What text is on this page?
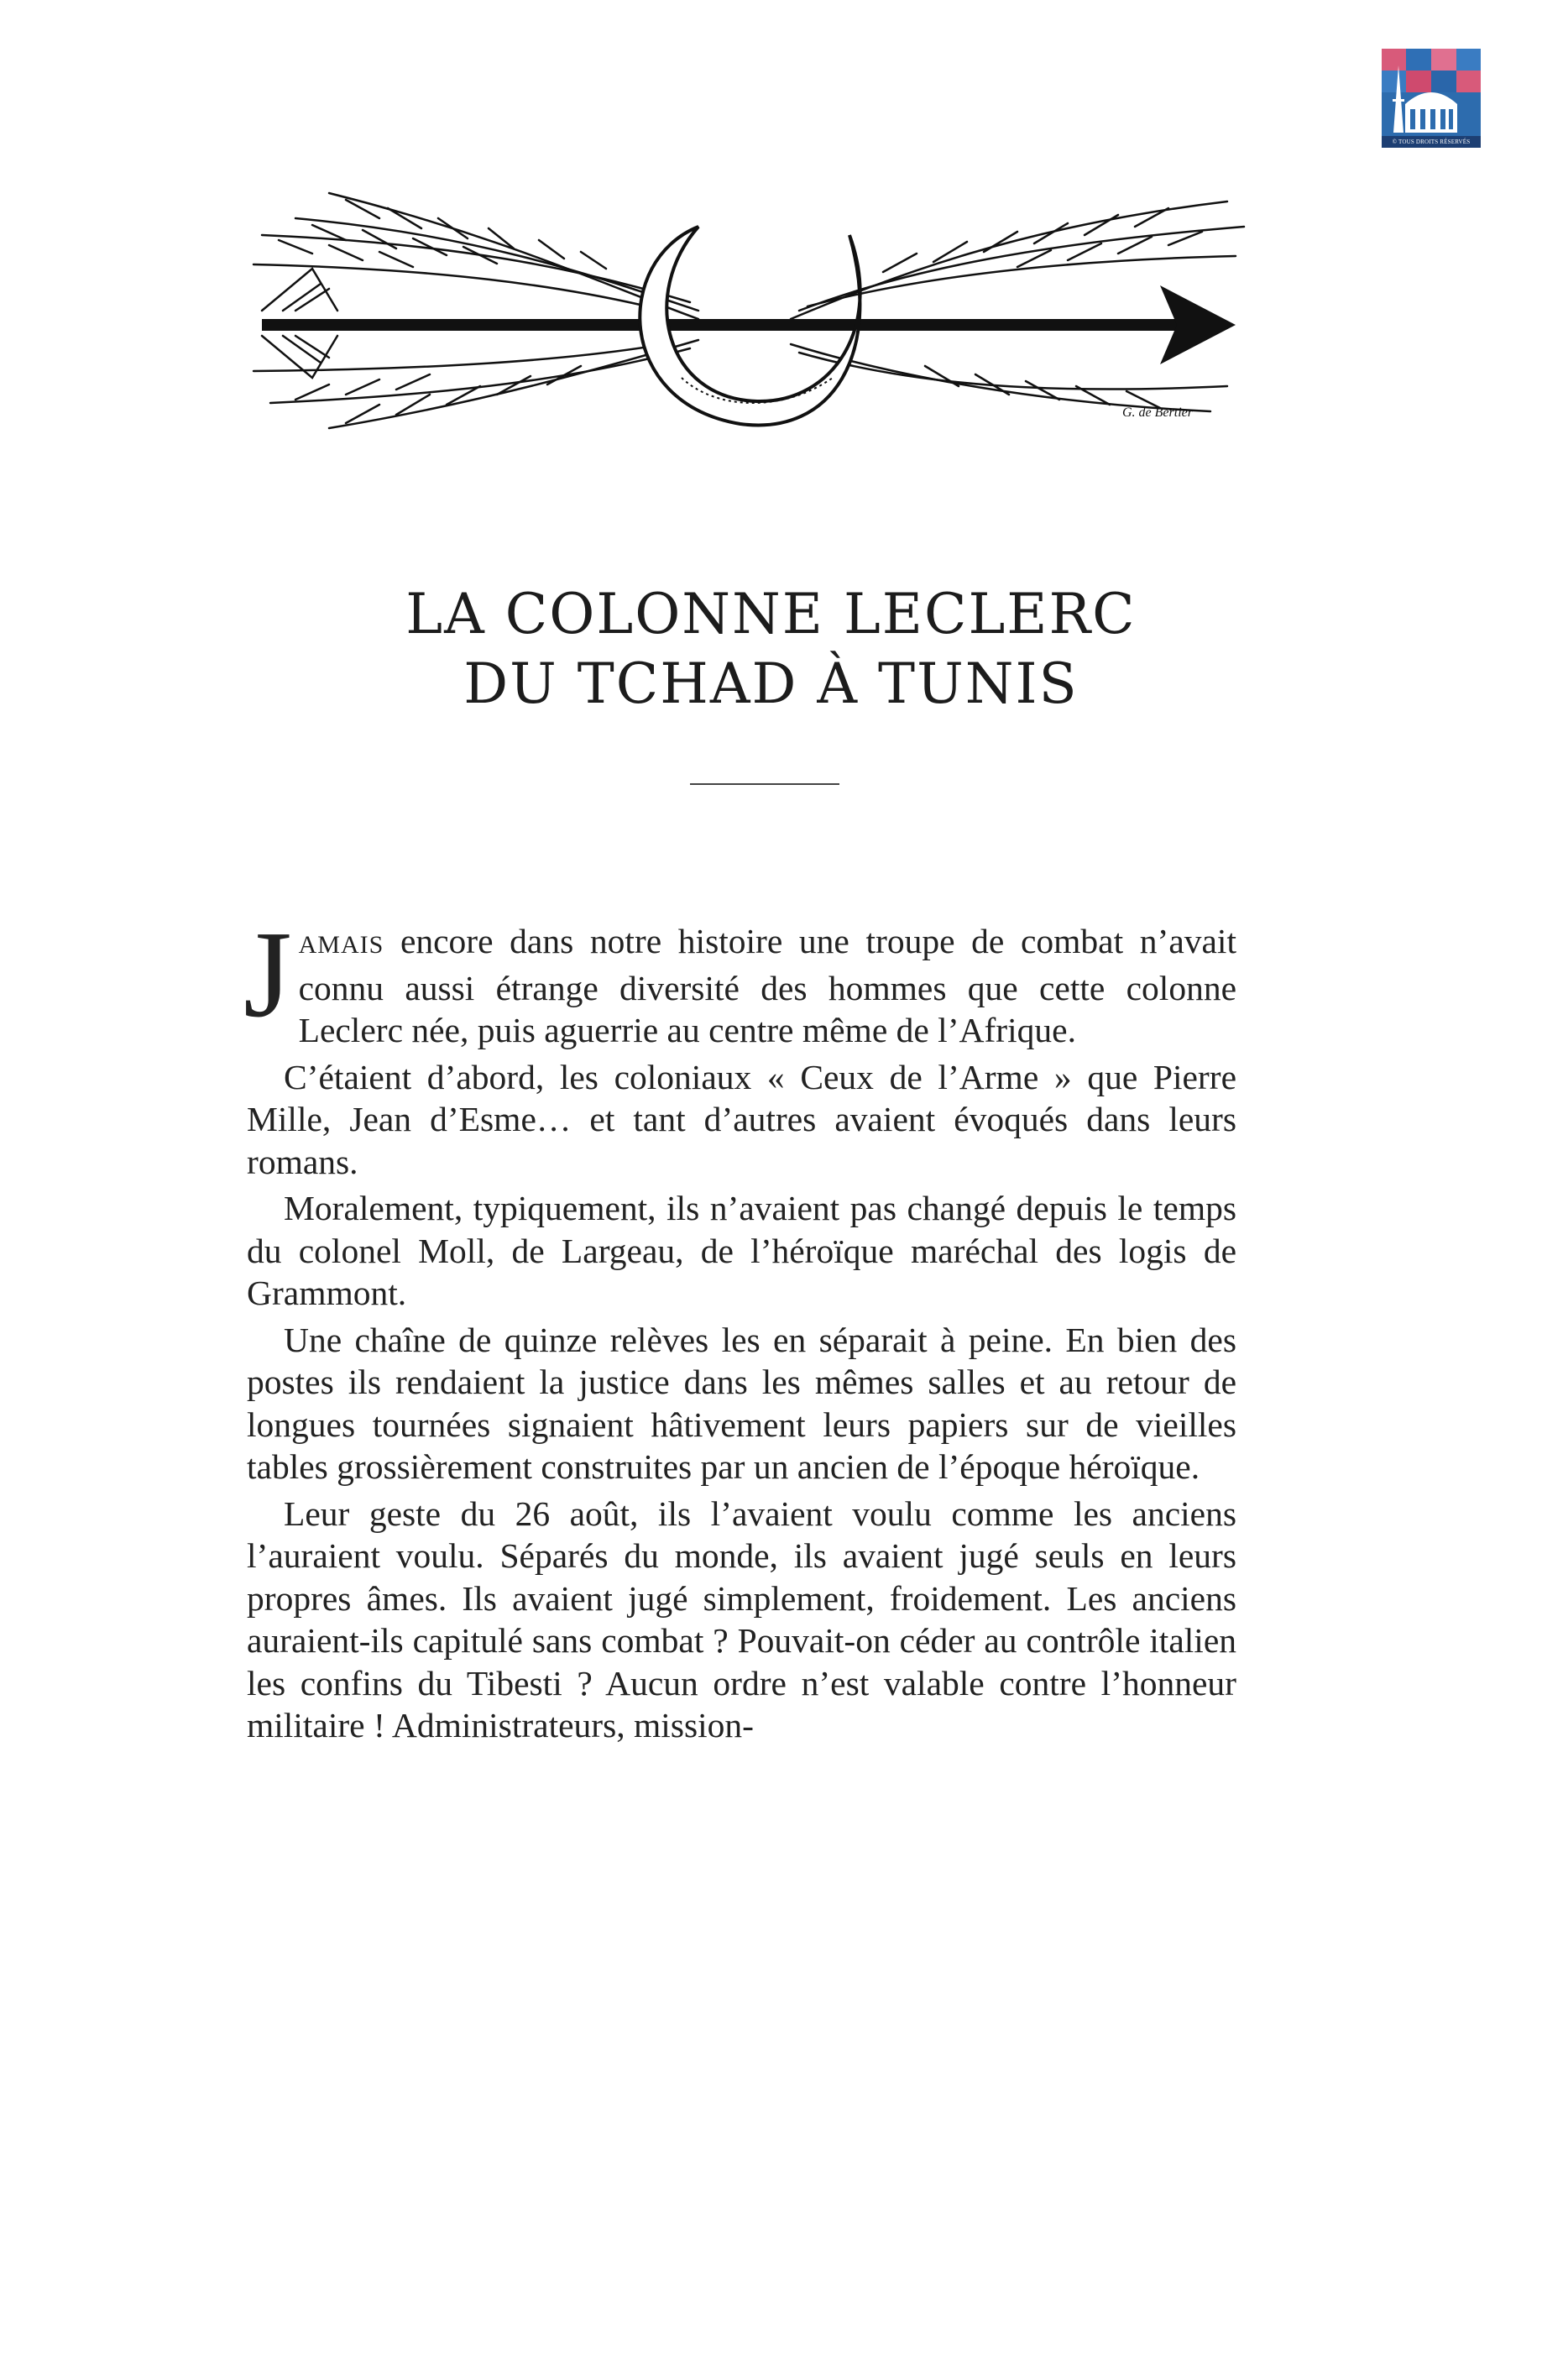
© TOUS DROITS RÉSERVÉS
G. de Bertier
LA COLONNE LECLERC
DU TCHAD À TUNIS

JAMAIS encore dans notre histoire une troupe de combat n’avait connu aussi étrange diversité des hommes que cette colonne Leclerc née, puis aguerrie au centre même de l’Afrique.

C’étaient d’abord, les coloniaux « Ceux de l’Arme » que Pierre Mille, Jean d’Esme… et tant d’autres avaient évoqués dans leurs romans.

Moralement, typiquement, ils n’avaient pas changé depuis le temps du colonel Moll, de Largeau, de l’héroïque maréchal des logis de Grammont.

Une chaîne de quinze relèves les en séparait à peine. En bien des postes ils rendaient la justice dans les mêmes salles et au retour de longues tournées signaient hâtivement leurs papiers sur de vieilles tables grossièrement construites par un ancien de l’époque héroïque.

Leur geste du 26 août, ils l’avaient voulu comme les anciens l’auraient voulu. Séparés du monde, ils avaient jugé seuls en leurs propres âmes. Ils avaient jugé simplement, froidement. Les anciens auraient-ils capitulé sans combat ? Pouvait-on céder au contrôle italien les confins du Tibesti ? Aucun ordre n’est valable contre l’honneur militaire ! Administrateurs, mission-
